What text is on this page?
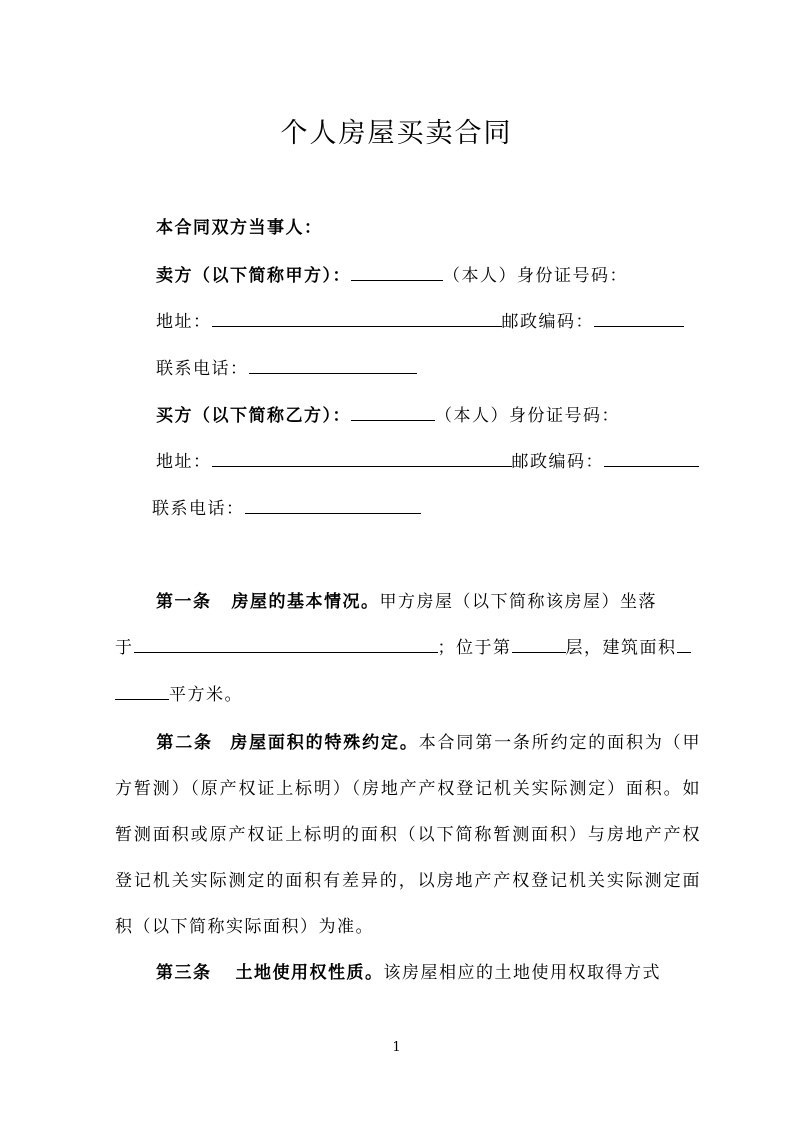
个人房屋买卖合同
本合同双方当事人：
卖方（以下简称甲方）：	（本人）身份证号码：
地址：	邮政编码：
联系电话：
买方（以下简称乙方）：	（本人）身份证号码：
地址：	邮政编码：
联系电话：
第一条 房屋的基本情况。甲方房屋（以下简称该房屋）坐落
于	；位于第	层，建筑面积
平方米。
第二条 房屋面积的特殊约定。本合同第一条所约定的面积为（甲方暂测）（原产权证上标明）（房地产产权登记机关实际测定）面积。如暂测面积或原产权证上标明的面积（以下简称暂测面积）与房地产产权登记机关实际测定的面积有差异的，以房地产产权登记机关实际测定面积（以下简称实际面积）为准。
第三条 土地使用权性质。该房屋相应的土地使用权取得方式
1
